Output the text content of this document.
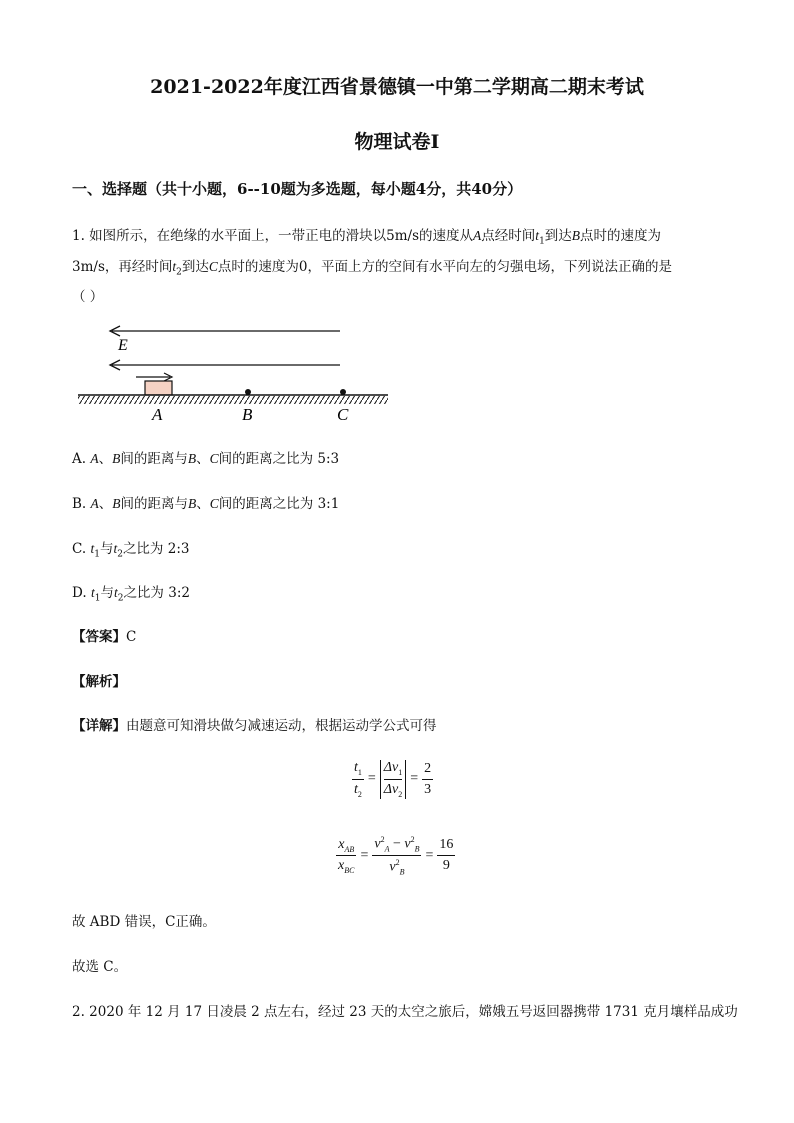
2021-2022年度江西省景德镇一中第二学期高二期末考试
物理试卷I
一、选择题（共十小题，6--10题为多选题，每小题4分，共40分）
1. 如图所示，在绝缘的水平面上，一带正电的滑块以5m/s的速度从A点经时间$t_1$到达B点时的速度为
3m/s，再经时间$t_2$到达C点时的速度为0，平面上方的空间有水平向左的匀强电场，下列说法正确的是
（ ）
E
A	B	C
A. A、B间的距离与B、C间的距离之比为 5:3
B. A、B间的距离与B、C间的距离之比为 3:1
C. $t_1$与$t_2$之比为 2:3
D. $t_1$与$t_2$之比为 3:2
【答案】C
【解析】
【详解】由题意可知滑块做匀减速运动，根据运动学公式可得
$\frac{t_1}{t_2} = \frac{\Delta v_1}{\Delta v_2} = \frac{2}{3}$
$\frac{x_{AB}}{x_{BC}} = \frac{v^2_A - v^2_B}{v^2_B} = \frac{16}{9}$
故 ABD 错误，C正确。
故选 C。
2. 2020 年 12 月 17 日凌晨 2 点左右，经过 23 天的太空之旅后，嫦娥五号返回器携带 1731 克月壤样品成功
